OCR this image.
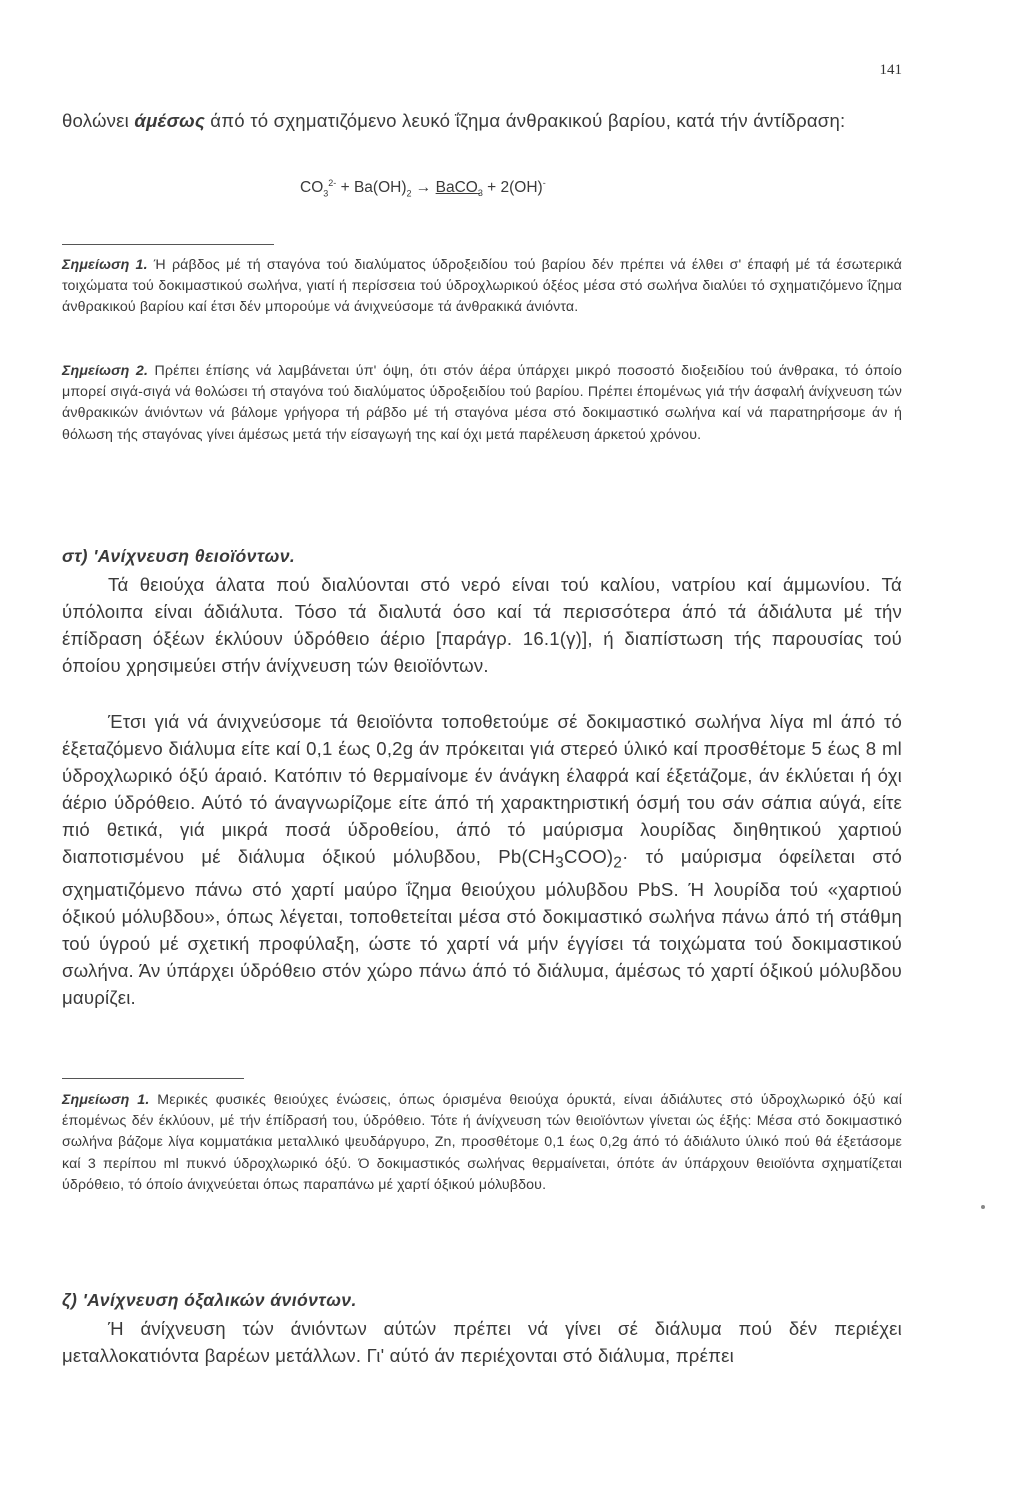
141

θολώνει άμέσως άπό τό σχηματιζόμενο λευκό ΐζημα άνθρακικού βαρίου, κατά τήν άντίδραση:

$CO_3^{2-} + Ba(OH)_2$ → BaCO$_3$ + 2(OH)-

Σημείωση 1. Ή ράβδος μέ τή σταγόνα τού διαλύματος ύδροξειδίου τού βαρίου δέν πρέπει νά έλθει σ' έπαφή μέ τά έσωτερικά τοιχώματα τού δοκιμαστικού σωλήνα, γιατί ή περίσσεια τού ύδροχλωρικού όξέος μέσα στό σωλήνα διαλύει τό σχηματιζόμενο ΐζημα άνθρακικού βαρίου καί έτσι δέν μπορούμε νά άνιχνεύσομε τά άνθρακικά άνιόντα.

Σημείωση 2. Πρέπει έπίσης νά λαμβάνεται ύπ' όψη, ότι στόν άέρα ύπάρχει μικρό ποσοστό διοξειδίου τού άνθρακα, τό όποίο μπορεί σιγά-σιγά νά θολώσει τή σταγόνα τού διαλύματος ύδροξειδίου τού βαρίου. Πρέπει έπομένως γιά τήν άσφαλή άνίχνευση τών άνθρακικών άνιόντων νά βάλομε γρήγορα τή ράβδο μέ τή σταγόνα μέσα στό δοκιμαστικό σωλήνα καί νά παρατηρήσομε άν ή θόλωση τής σταγόνας γίνει άμέσως μετά τήν είσαγωγή της καί όχι μετά παρέλευση άρκετού χρόνου.

στ) 'Ανίχνευση θειοϊόντων.

Τά θειούχα άλατα πού διαλύονται στό νερό είναι τού καλίου, νατρίου καί άμμωνίου. Τά ύπόλοιπα είναι άδιάλυτα. Τόσο τά διαλυτά όσο καί τά περισσότερα άπό τά άδιάλυτα μέ τήν έπίδραση όξέων έκλύουν ύδρόθειο άέριο [παράγρ. 16.1(γ)], ή διαπίστωση τής παρουσίας τού όποίου χρησιμεύει στήν άνίχνευση τών θειοϊόντων.

Έτσι γιά νά άνιχνεύσομε τά θειοϊόντα τοποθετούμε σέ δοκιμαστικό σωλήνα λίγα ml άπό τό έξεταζόμενο διάλυμα είτε καί 0,1 έως 0,2g άν πρόκειται γιά στερεό ύλικό καί προσθέτομε 5 έως 8 ml ύδροχλωρικό όξύ άραιό. Κατόπιν τό θερμαίνομε έν άνάγκη έλαφρά καί έξετάζομε, άν έκλύεται ή όχι άέριο ύδρόθειο. Αύτό τό άναγνωρίζομε είτε άπό τή χαρακτηριστική όσμή του σάν σάπια αύγά, είτε πιό θετικά, γιά μικρά ποσά ύδροθείου, άπό τό μαύρισμα λουρίδας διηθητικού χαρτιού διαποτισμένου μέ διάλυμα όξικού μόλυβδου, $Pb(CH_3COO)_2\cdot \tau ό$ μαύρισμα όφείλεται στό σχηματιζόμενο πάνω στό χαρτί μαύρο ΐζημα θειούχου μόλυβδου PbS. Ή λουρίδα τού «χαρτιού όξικού μόλυβδου», όπως λέγεται, τοποθετείται μέσα στό δοκιμαστικό σωλήνα πάνω άπό τή στάθμη τού ύγρού μέ σχετική προφύλαξη, ώστε τό χαρτί νά μήν έγγίσει τά τοιχώματα τού δοκιμαστικού σωλήνα. Άν ύπάρχει ύδρόθειο στόν χώρο πάνω άπό τό διάλυμα, άμέσως τό χαρτί όξικού μόλυβδου μαυρίζει.

Σημείωση 1. Μερικές φυσικές θειούχες ένώσεις, όπως όρισμένα θειούχα όρυκτά, είναι άδιάλυτες στό ύδροχλωρικό όξύ καί έπομένως δέν έκλύουν, μέ τήν έπίδρασή του, ύδρόθειο. Τότε ή άνίχνευση τών θειοϊόντων γίνεται ώς έξής: Μέσα στό δοκιμαστικό σωλήνα βάζομε λίγα κομματάκια μεταλλικό ψευδάργυρο, Zn, προσθέτομε 0,1 έως 0,2g άπό τό άδιάλυτο ύλικό πού θά έξετάσομε καί 3 περίπου ml πυκνό ύδροχλωρικό όξύ. Ό δοκιμαστικός σωλήνας θερμαίνεται, όπότε άν ύπάρχουν θειοϊόντα σχηματίζεται ύδρόθειο, τό όποίο άνιχνεύεται όπως παραπάνω μέ χαρτί όξικού μόλυβδου.

ζ) 'Ανίχνευση όξαλικών άνιόντων.

Ή άνίχνευση τών άνιόντων αύτών πρέπει νά γίνει σέ διάλυμα πού δέν περιέχει μεταλλοκατιόντα βαρέων μετάλλων. Γι' αύτό άν περιέχονται στό διάλυμα, πρέπει
